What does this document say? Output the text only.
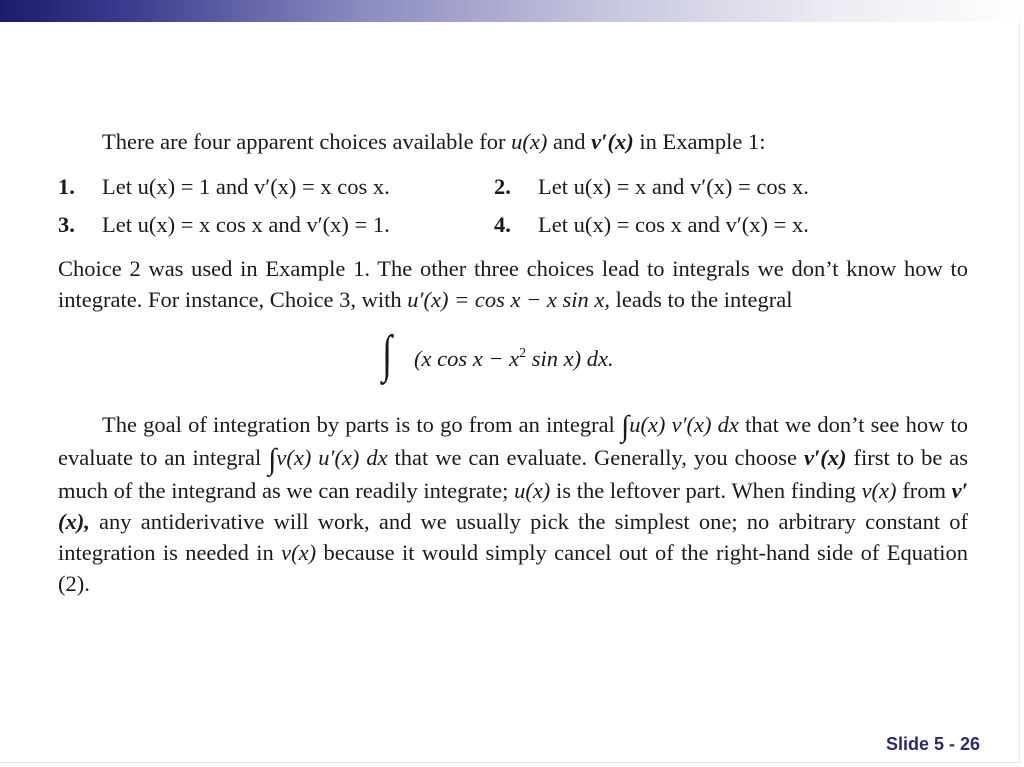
There are four apparent choices available for u(x) and v′(x) in Example 1:

1. Let u(x) = 1 and v′(x) = x cos x.	2. Let u(x) = x and v′(x) = cos x.
3. Let u(x) = x cos x and v′(x) = 1.	4. Let u(x) = cos x and v′(x) = x.

Choice 2 was used in Example 1. The other three choices lead to integrals we don’t know how to integrate. For instance, Choice 3, with u′(x) = cos x − x sin x, leads to the integral

∫ (x $\cos x - x^2$ sin x) dx.

The goal of integration by parts is to go from an integral ∫u(x) v′(x) dx that we don’t see how to evaluate to an integral ∫v(x) u′(x) dx that we can evaluate. Generally, you choose v′(x) first to be as much of the integrand as we can readily integrate; u(x) is the leftover part. When finding v(x) from v′(x), any antiderivative will work, and we usually pick the simplest one; no arbitrary constant of integration is needed in v(x) because it would simply cancel out of the right-hand side of Equation (2).

Slide 5 - 26
